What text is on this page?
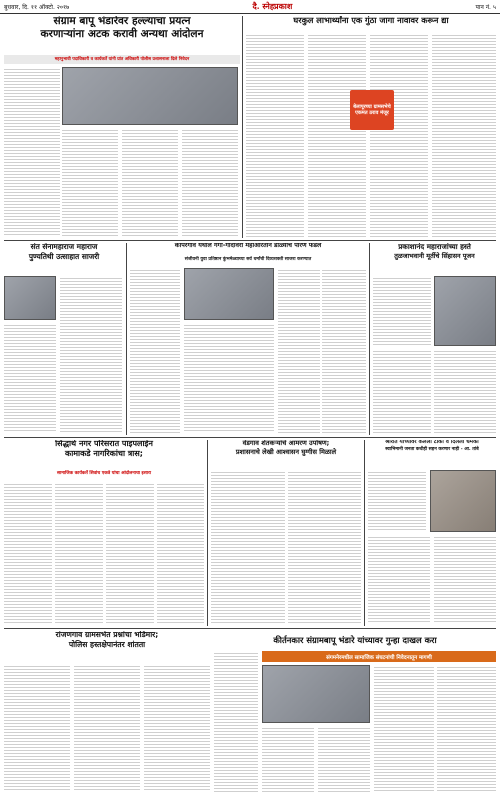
बुधवार, दि. ११ ऑक्टो. २०१७	दै. स्नेहप्रकाश	पान नं. ५
संग्राम बापू भंडारेंवर हल्ल्याचा प्रयत्न
करणाऱ्यांना अटक करावी अन्यथा आंदोलन
महानुभावी पदाधिकारी व कार्यकर्ते यांनी प्रांत अधिकारी पोलीस प्रशासनाला दिले निवेदन
घरकुल लाभार्थ्यांना एक गुंठा जागा नावावर करून द्या
बेलापूरच्या ग्रामसभेचे एकमत ठराव मंजूर
संत सेनामहाराज महाराज
पुण्यतिथी उत्साहात साजरी
कोपरगाव येथील गंगा-गोदावरी महाआरतीने डोळ्यांचे पारणे फेडले
संजीवनी युवा प्रतिष्ठान कुंभमेळ्याच्या सर्व धर्मांची दिव्यशक्ती साजरा करण्यात
प्रकाशानंद महाराजांच्या हस्ते
तुळजाभवानी मूर्तीचे सिंहासन पूजन
सिद्धार्थ नगर परिसरात पाइपलाईन
कामाकडे नागरिकांचा त्रास;
सामाजिक कार्यकर्ते शिवांच एकत्रे यांचा आंदोलनाचा इशारा
वेडगाव शेतकऱ्यांचे आमरण उपोषण;
प्रशासनाचे लेखी आश्वासन घुग्गीस मिळाले
श्रोरात यांच्यावर केलेली टीका व दिलेली धमकी
स्वाभिमानी जनता कधीही सहन करणार नाही - आ. तांबे
रांजणगाव ग्रामसभेत प्रश्नांचा भडिमार;
पोलिस हस्तक्षेपानंतर शांतता	कीर्तनकार संग्रामबापू भंडारे यांच्यावर गुन्हा दाखल करा
संगमनेरमधील सामाजिक संघटनांची निवेदनातून मागणी
